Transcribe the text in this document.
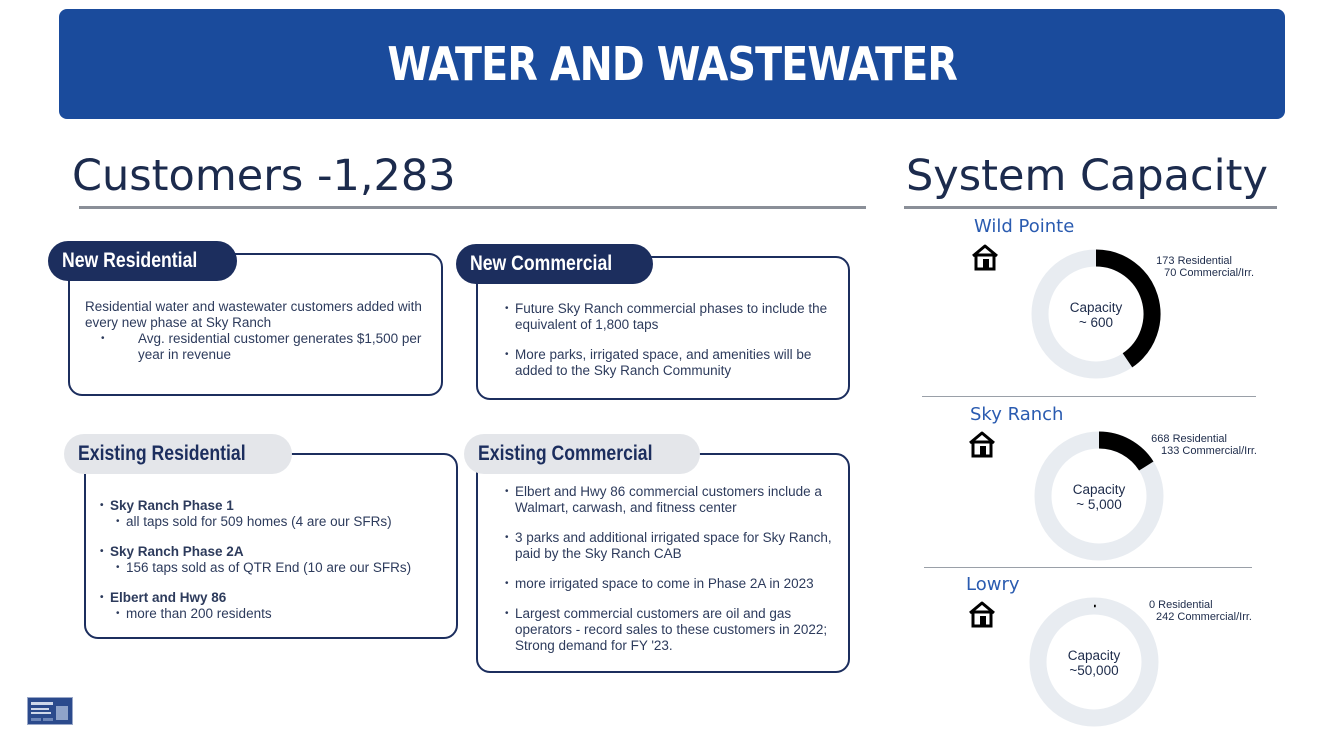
WATER AND WASTEWATER
Customers -1,283	System Capacity
Residential water and wastewater customers added with every new phase at Sky Ranch
• Avg. residential customer generates $1,500 per year in revenue
New Residential
• Future Sky Ranch commercial phases to include the equivalent of 1,800 taps
• More parks, irrigated space, and amenities will be added to the Sky Ranch Community
New Commercial
• Sky Ranch Phase 1
• all taps sold for 509 homes (4 are our SFRs)
• Sky Ranch Phase 2A
• 156 taps sold as of QTR End (10 are our SFRs)
• Elbert and Hwy 86
• more than 200 residents
Existing Residential
• Elbert and Hwy 86 commercial customers include a Walmart, carwash, and fitness center
• 3 parks and additional irrigated space for Sky Ranch, paid by the Sky Ranch CAB
• more irrigated space to come in Phase 2A in 2023
• Largest commercial customers are oil and gas operators - record sales to these customers in 2022; Strong demand for FY '23.
Existing Commercial
Wild Pointe
Capacity
~ 600
173 Residential
70 Commercial/Irr.
Sky Ranch
Capacity
~ 5,000
668 Residential
133 Commercial/Irr.
Lowry
Capacity
~50,000
0 Residential
242 Commercial/Irr.
